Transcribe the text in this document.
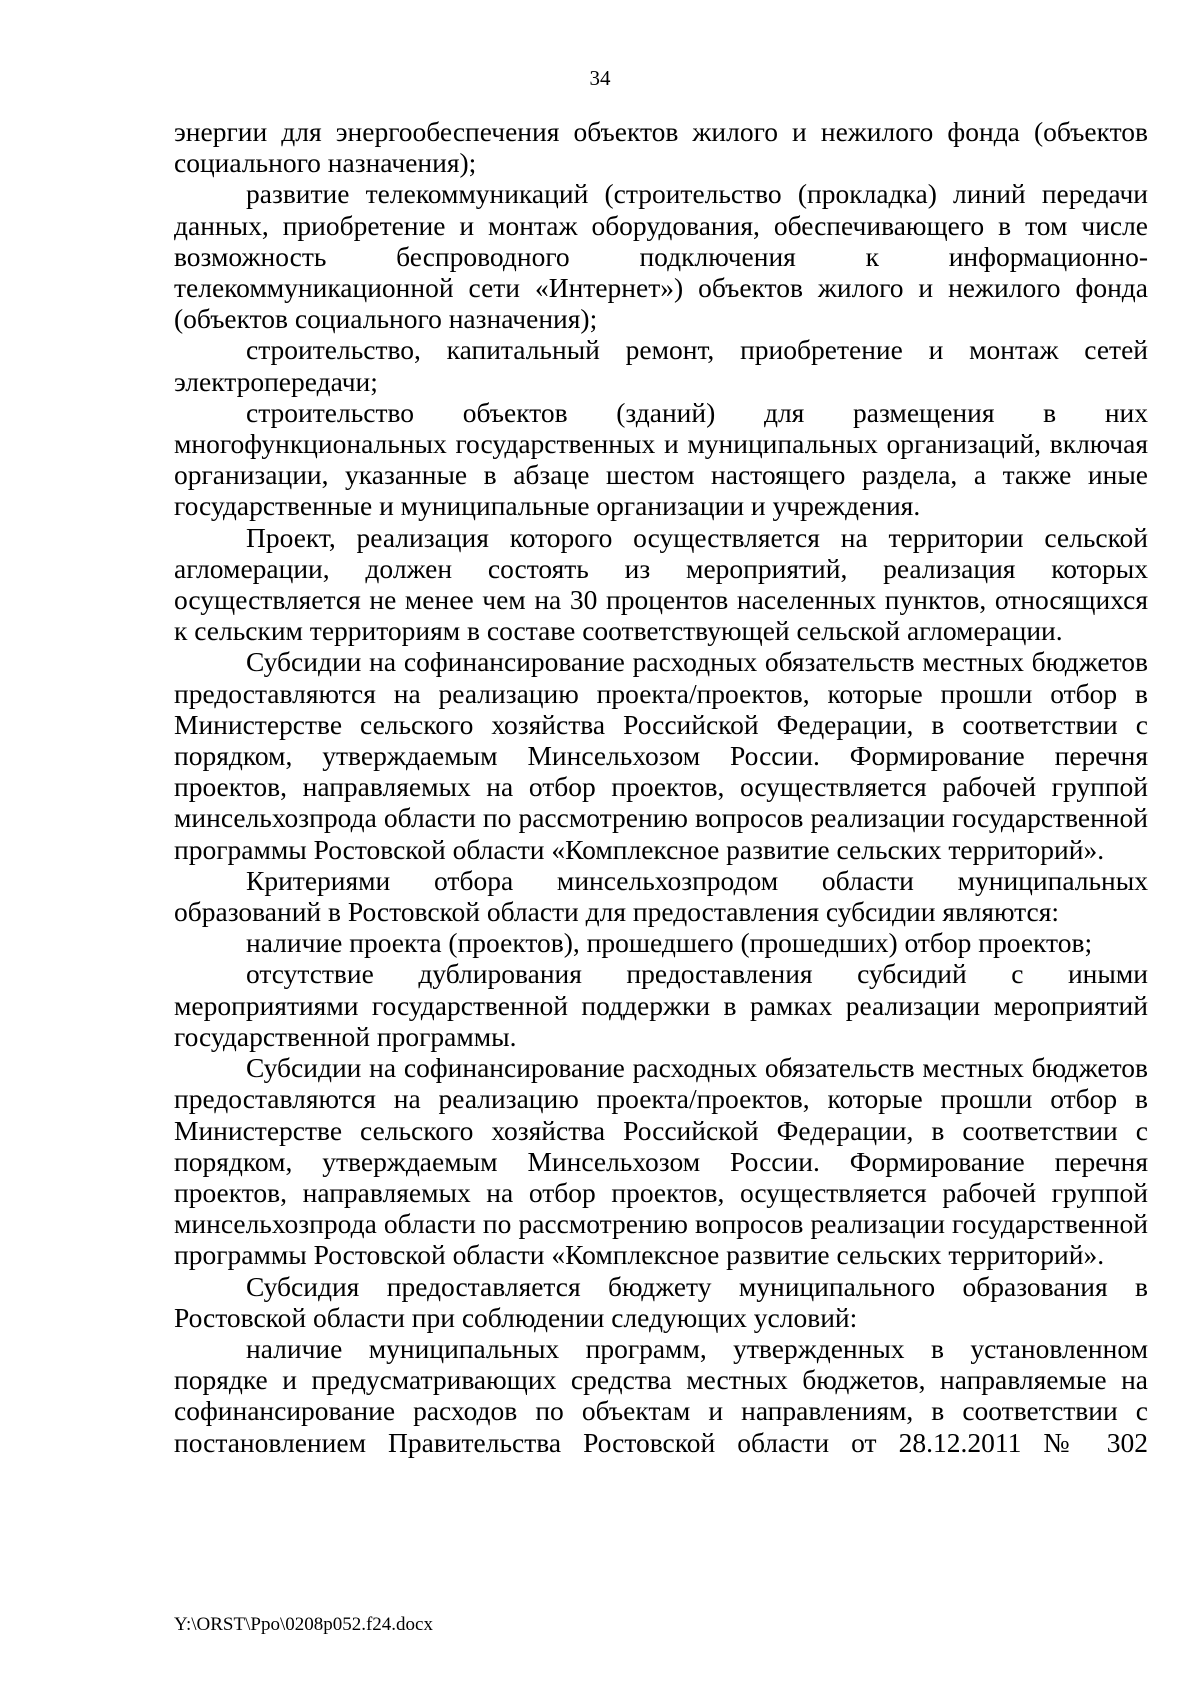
34

энергии для энергообеспечения объектов жилого и нежилого фонда (объектов социального назначения);

развитие телекоммуникаций (строительство (прокладка) линий передачи данных, приобретение и монтаж оборудования, обеспечивающего в том числе возможность беспроводного подключения к информационно-телекоммуникационной сети «Интернет») объектов жилого и нежилого фонда (объектов социального назначения);

строительство, капитальный ремонт, приобретение и монтаж сетей электропередачи;

строительство объектов (зданий) для размещения в них многофункциональных государственных и муниципальных организаций, включая организации, указанные в абзаце шестом настоящего раздела, а также иные государственные и муниципальные организации и учреждения.

Проект, реализация которого осуществляется на территории сельской агломерации, должен состоять из мероприятий, реализация которых осуществляется не менее чем на 30 процентов населенных пунктов, относящихся к сельским территориям в составе соответствующей сельской агломерации.

Субсидии на софинансирование расходных обязательств местных бюджетов предоставляются на реализацию проекта/проектов, которые прошли отбор в Министерстве сельского хозяйства Российской Федерации, в соответствии с порядком, утверждаемым Минсельхозом России. Формирование перечня проектов, направляемых на отбор проектов, осуществляется рабочей группой минсельхозпрода области по рассмотрению вопросов реализации государственной программы Ростовской области «Комплексное развитие сельских территорий».

Критериями отбора минсельхозпродом области муниципальных образований в Ростовской области для предоставления субсидии являются:

наличие проекта (проектов), прошедшего (прошедших) отбор проектов;

отсутствие дублирования предоставления субсидий с иными мероприятиями государственной поддержки в рамках реализации мероприятий государственной программы.

Субсидии на софинансирование расходных обязательств местных бюджетов предоставляются на реализацию проекта/проектов, которые прошли отбор в Министерстве сельского хозяйства Российской Федерации, в соответствии с порядком, утверждаемым Минсельхозом России. Формирование перечня проектов, направляемых на отбор проектов, осуществляется рабочей группой минсельхозпрода области по рассмотрению вопросов реализации государственной программы Ростовской области «Комплексное развитие сельских территорий».

Субсидия предоставляется бюджету муниципального образования в Ростовской области при соблюдении следующих условий:

наличие муниципальных программ, утвержденных в установленном порядке и предусматривающих средства местных бюджетов, направляемые на софинансирование расходов по объектам и направлениям, в соответствии с постановлением Правительства Ростовской области от 28.12.2011 № 302

Y:\ORST\Ppo\0208p052.f24.docx
